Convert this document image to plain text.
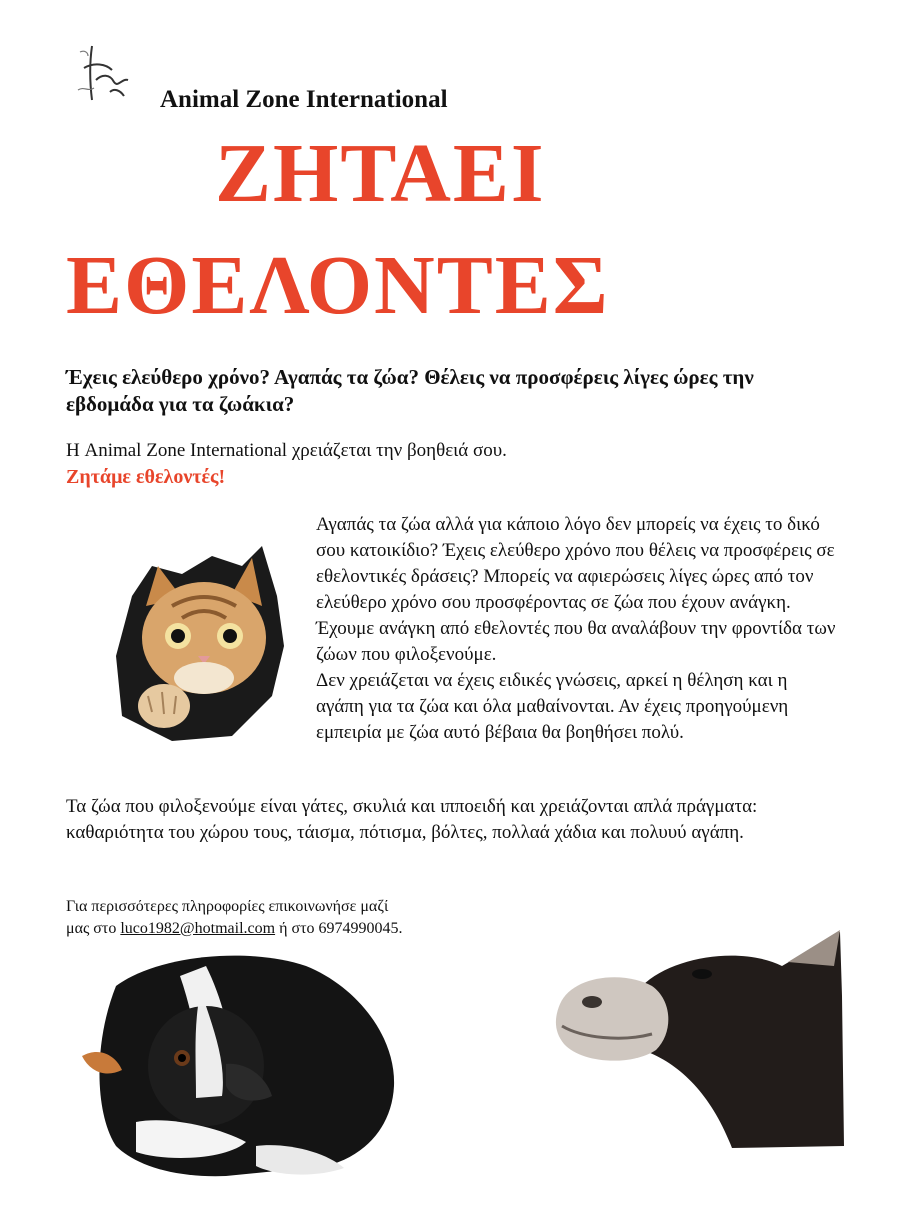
Animal Zone International
ΖΗΤΑΕΙ
ΕΘΕΛΟΝΤΕΣ
Έχεις ελεύθερο χρόνο? Αγαπάς τα ζώα? Θέλεις να προσφέρεις λίγες ώρες την εβδομάδα για τα ζωάκια?
Η Animal Zone International χρειάζεται την βοηθειά σου.
Ζητάμε εθελοντές!

Αγαπάς τα ζώα αλλά για κάποιο λόγο δεν μπορείς να έχεις το δικό σου κατοικίδιο? Έχεις ελεύθερο χρόνο που θέλεις να προσφέρεις σε εθελοντικές δράσεις? Μπορείς να αφιερώσεις λίγες ώρες από τον ελεύθερο χρόνο σου προσφέροντας σε ζώα που έχουν ανάγκη.

Έχουμε ανάγκη από εθελοντές που θα αναλάβουν την φροντίδα των ζώων που φιλοξενούμε.

Δεν χρειάζεται να έχεις ειδικές γνώσεις, αρκεί η θέληση και η αγάπη για τα ζώα και όλα μαθαίνονται. Αν έχεις προηγούμενη εμπειρία με ζώα αυτό βέβαια θα βοηθήσει πολύ.

Τα ζώα που φιλοξενούμε είναι γάτες, σκυλιά και ιπποειδή και χρειάζονται απλά πράγματα: καθαριότητα του χώρου τους, τάισμα, πότισμα, βόλτες, πολλαά χάδια και πολυυύ αγάπη.
Για περισσότερες πληροφορίες επικοινωνήσε μαζί
μας στο luco1982@hotmail.com ή στο 6974990045.
